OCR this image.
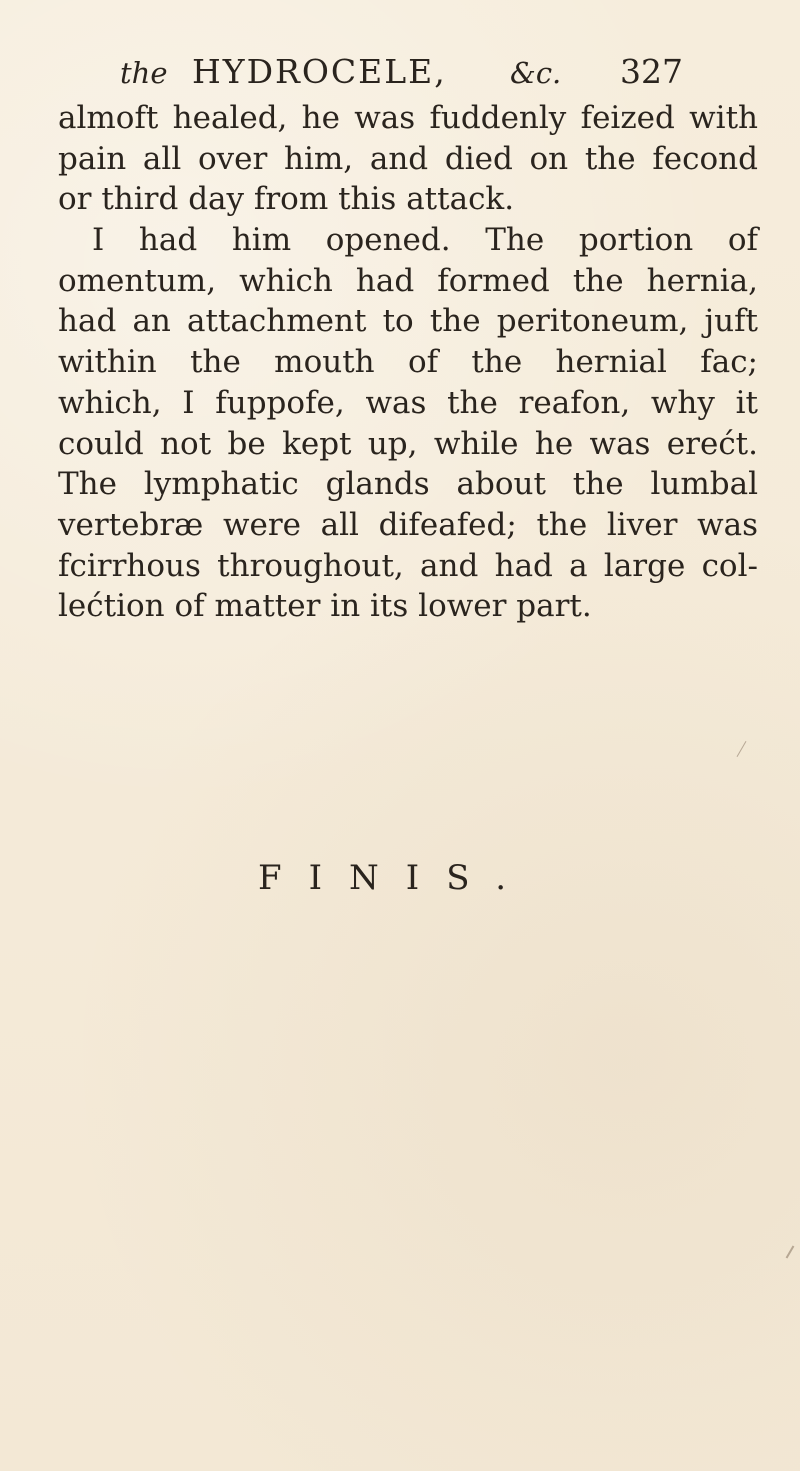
the HYDROCELE, &c. 327
almoft healed, he was fuddenly feized with
pain all over him, and died on the fecond
or third day from this attack.
I had him opened. The portion of
omentum, which had formed the hernia,
had an attachment to the peritoneum, juft
within the mouth of the hernial fac;
which, I fuppofe, was the reafon, why it
could not be kept up, while he was erećt.
The lymphatic glands about the lumbal
vertebræ were all difeafed; the liver was
fcirrhous throughout, and had a large col-
lećtion of matter in its lower part.
FINIS.
